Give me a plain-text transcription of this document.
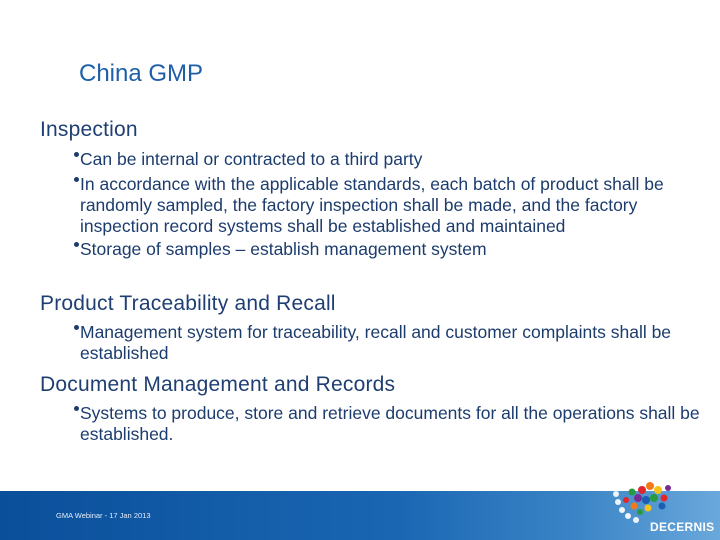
China GMP
Inspection
Can be internal or contracted to a third party
In accordance with the applicable standards, each batch of product shall be randomly sampled, the factory inspection shall be made, and the factory inspection record systems shall be established and maintained
Storage of samples – establish management system
Product Traceability and Recall
Management system for traceability, recall and customer complaints shall be established
Document Management and Records
Systems to produce, store and retrieve documents for all the operations shall be established.
GMA Webinar - 17 Jan 2013
45
DECERNIS
